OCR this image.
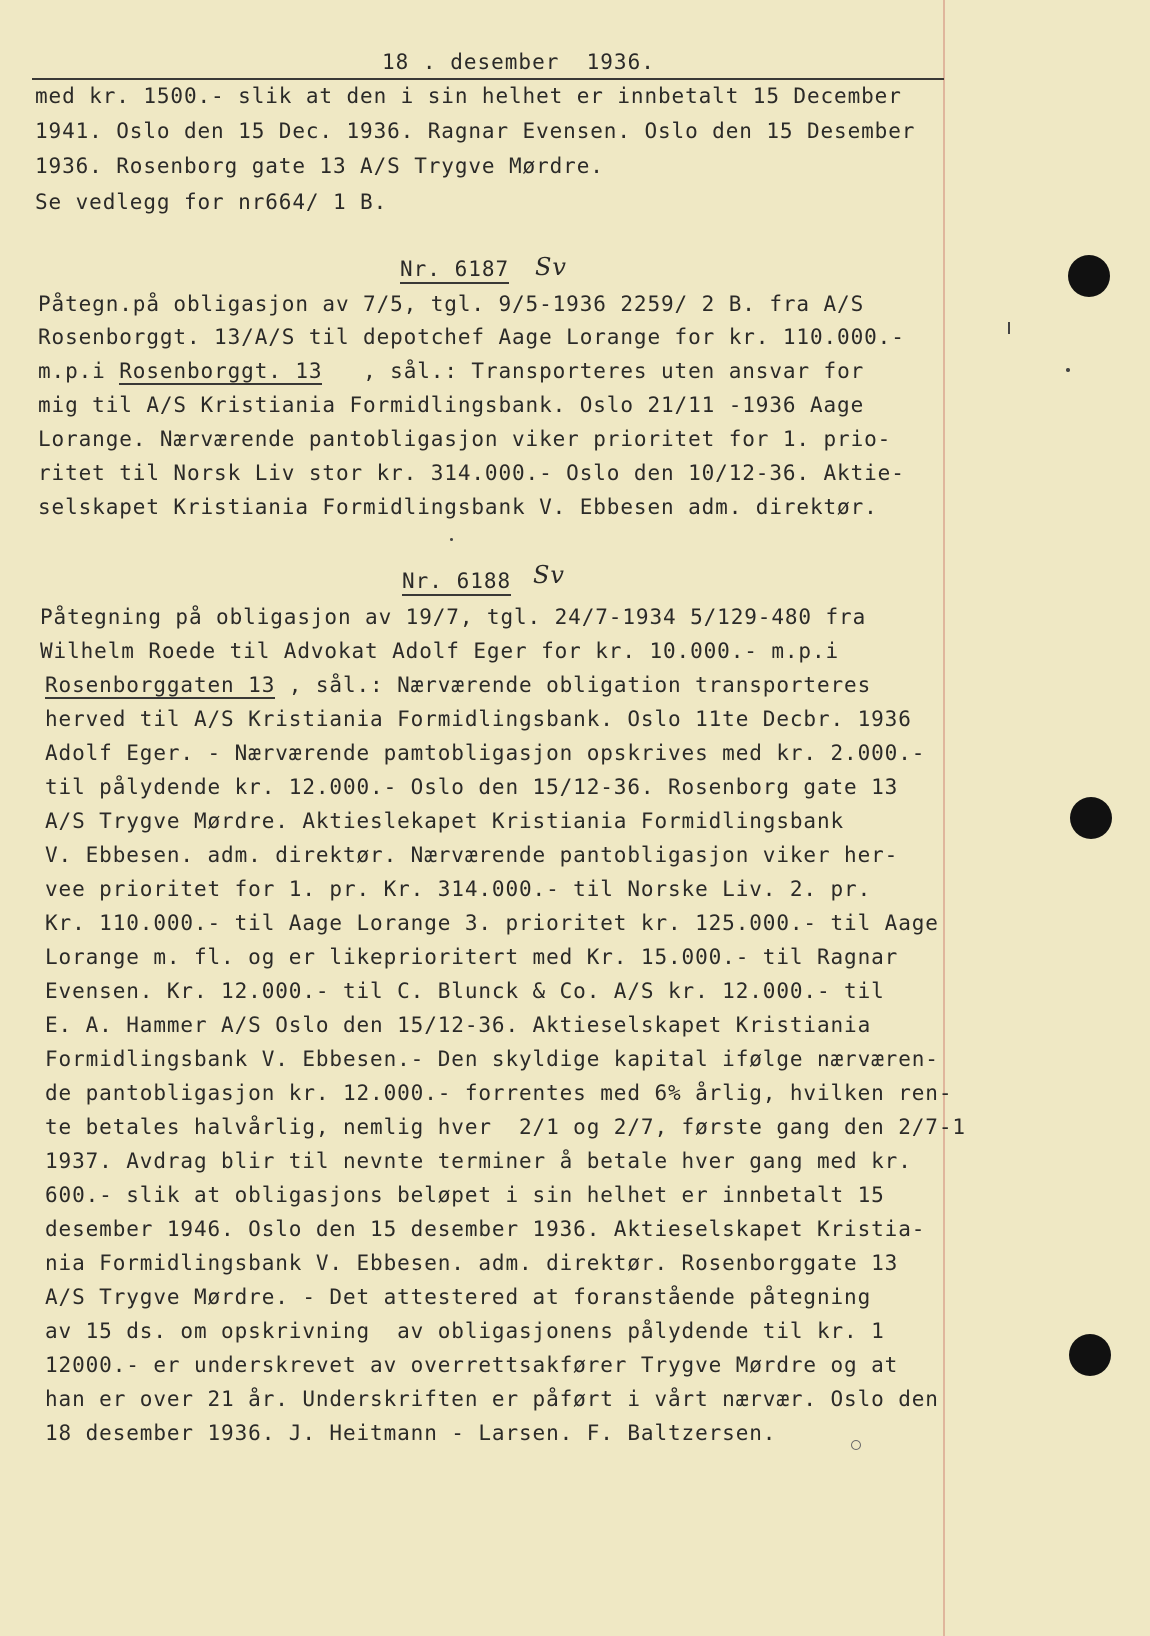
18 . desember  1936.
med kr. 1500.- slik at den i sin helhet er innbetalt 15 December
1941. Oslo den 15 Dec. 1936. Ragnar Evensen. Oslo den 15 Desember
1936. Rosenborg gate 13 A/S Trygve Mørdre.
Se vedlegg for nr664/ 1 B.
Nr. 6187 Sv
Påtegn.på obligasjon av 7/5, tgl. 9/5-1936 2259/ 2 B. fra A/S
Rosenborggt. 13/A/S til depotchef Aage Lorange for kr. 110.000.-
m.p.i Rosenborggt. 13 , sål.: Transporteres uten ansvar for
mig til A/S Kristiania Formidlingsbank. Oslo 21/11 -1936 Aage
Lorange. Nærværende pantobligasjon viker prioritet for 1. prio-
ritet til Norsk Liv stor kr. 314.000.- Oslo den 10/12-36. Aktie-
selskapet Kristiania Formidlingsbank V. Ebbesen adm. direktør.
Nr. 6188 Sv
Påtegning på obligasjon av 19/7, tgl. 24/7-1934 5/129-480 fra
Wilhelm Roede til Advokat Adolf Eger for kr. 10.000.- m.p.i
Rosenborggaten 13 , sål.: Nærværende obligation transporteres
herved til A/S Kristiania Formidlingsbank. Oslo 11te Decbr. 1936
Adolf Eger. - Nærværende pamtobligasjon opskrives med kr. 2.000.-
til pålydende kr. 12.000.- Oslo den 15/12-36. Rosenborg gate 13
A/S Trygve Mørdre. Aktieslekapet Kristiania Formidlingsbank
V. Ebbesen. adm. direktør. Nærværende pantobligasjon viker her-
vee prioritet for 1. pr. Kr. 314.000.- til Norske Liv. 2. pr.
Kr. 110.000.- til Aage Lorange 3. prioritet kr. 125.000.- til Aage
Lorange m. fl. og er likeprioritert med Kr. 15.000.- til Ragnar
Evensen. Kr. 12.000.- til C. Blunck & Co. A/S kr. 12.000.- til
E. A. Hammer A/S Oslo den 15/12-36. Aktieselskapet Kristiania
Formidlingsbank V. Ebbesen.- Den skyldige kapital ifølge nærværen-
de pantobligasjon kr. 12.000.- forrentes med 6% årlig, hvilken ren-
te betales halvårlig, nemlig hver  2/1 og 2/7, første gang den 2/7-1
1937. Avdrag blir til nevnte terminer å betale hver gang med kr.
600.- slik at obligasjons beløpet i sin helhet er innbetalt 15
desember 1946. Oslo den 15 desember 1936. Aktieselskapet Kristia-
nia Formidlingsbank V. Ebbesen. adm. direktør. Rosenborggate 13
A/S Trygve Mørdre. - Det attestered at foranstående påtegning
av 15 ds. om opskrivning  av obligasjonens pålydende til kr. 1
12000.- er underskrevet av overrettsakfører Trygve Mørdre og at
han er over 21 år. Underskriften er påført i vårt nærvær. Oslo den
18 desember 1936. J. Heitmann - Larsen. F. Baltzersen.
